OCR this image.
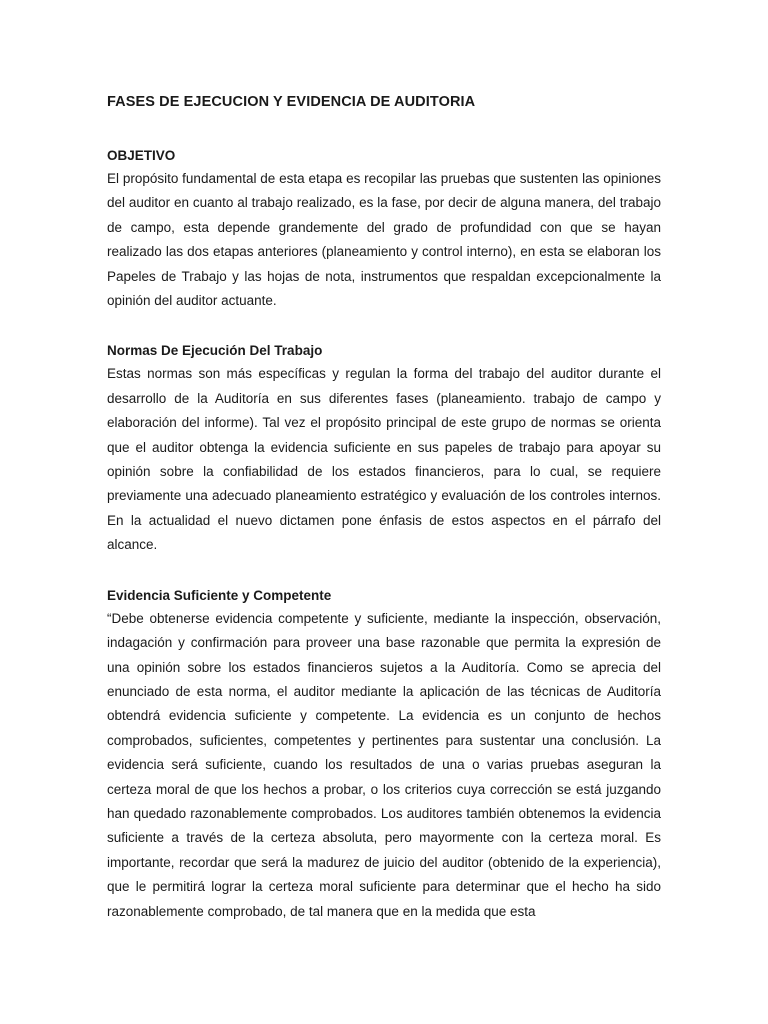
FASES DE EJECUCION Y EVIDENCIA DE AUDITORIA
OBJETIVO

El propósito fundamental de esta etapa es recopilar las pruebas que sustenten las opiniones del auditor en cuanto al trabajo realizado, es la fase, por decir de alguna manera, del trabajo de campo, esta depende grandemente del grado de profundidad con que se hayan realizado las dos etapas anteriores (planeamiento y control interno), en esta se elaboran los Papeles de Trabajo y las hojas de nota, instrumentos que respaldan excepcionalmente la opinión del auditor actuante.

Normas De Ejecución Del Trabajo

Estas normas son más específicas y regulan la forma del trabajo del auditor durante el desarrollo de la Auditoría en sus diferentes fases (planeamiento. trabajo de campo y elaboración del informe). Tal vez el propósito principal de este grupo de normas se orienta que el auditor obtenga la evidencia suficiente en sus papeles de trabajo para apoyar su opinión sobre la confiabilidad de los estados financieros, para lo cual, se requiere previamente una adecuado planeamiento estratégico y evaluación de los controles internos. En la actualidad el nuevo dictamen pone énfasis de estos aspectos en el párrafo del alcance.

Evidencia Suficiente y Competente

“Debe obtenerse evidencia competente y suficiente, mediante la inspección, observación, indagación y confirmación para proveer una base razonable que permita la expresión de una opinión sobre los estados financieros sujetos a la Auditoría. Como se aprecia del enunciado de esta norma, el auditor mediante la aplicación de las técnicas de Auditoría obtendrá evidencia suficiente y competente. La evidencia es un conjunto de hechos comprobados, suficientes, competentes y pertinentes para sustentar una conclusión. La evidencia será suficiente, cuando los resultados de una o varias pruebas aseguran la certeza moral de que los hechos a probar, o los criterios cuya corrección se está juzgando han quedado razonablemente comprobados. Los auditores también obtenemos la evidencia suficiente a través de la certeza absoluta, pero mayormente con la certeza moral. Es importante, recordar que será la madurez de juicio del auditor (obtenido de la experiencia), que le permitirá lograr la certeza moral suficiente para determinar que el hecho ha sido razonablemente comprobado, de tal manera que en la medida que esta
